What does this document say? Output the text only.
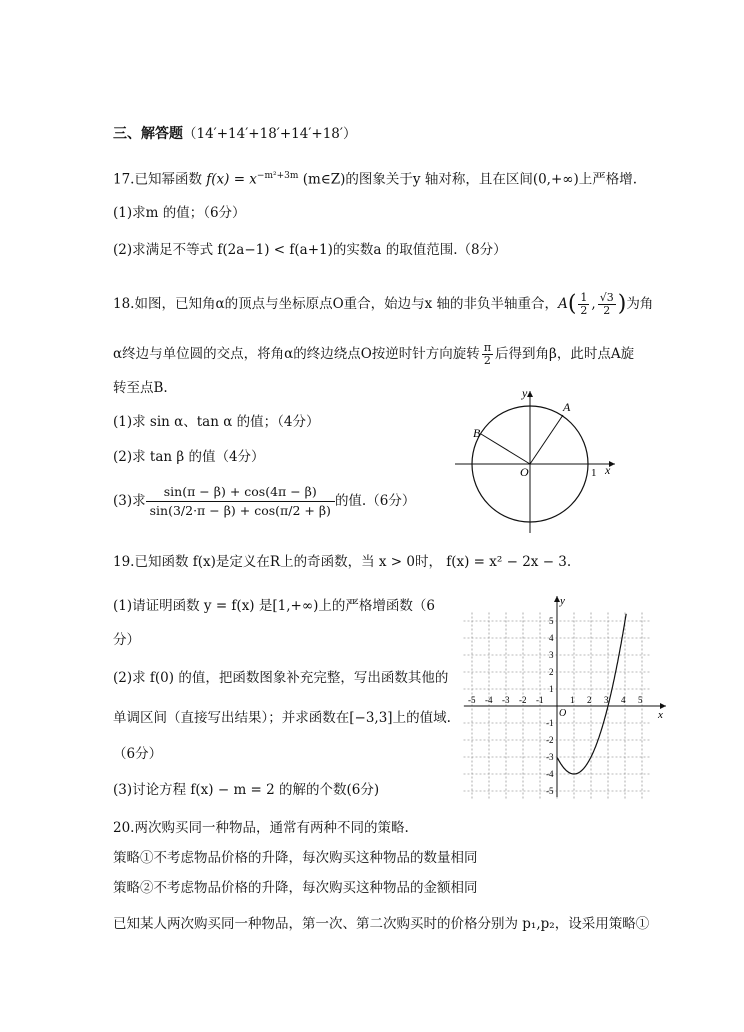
三、解答题（14′+14′+18′+14′+18′）
17.已知幂函数 $f(x) = x^{-m^2+3m}$ (m∈Z)的图象关于y 轴对称，且在区间(0,+∞)上严格增.
(1)求m 的值；（6分）
(2)求满足不等式 f(2a−1) < f(a+1)的实数a 的取值范围.（8分）
18.如图，已知角α的顶点与坐标原点O重合，始边与x 轴的非负半轴重合，$A( \frac{1}{2}$ , $\frac{√3}{2}$ )为角
α终边与单位圆的交点，将角α的终边绕点O按逆时针方向旋转 $\frac{\pi}{2}$ 后得到角β，此时点A旋
转至点B.
(1)求 sin α、tan α 的值；（4分）
(2)求 tan β 的值（4分）
(3)求 $\frac{\sin(\pi - \beta) + \cos(4\pi - \beta)}{\sin(3/2\cdot\pi - \beta) + \cos(\pi/2 + \beta)}$ 的值.（6分）
y
x
A
B
O	1
19.已知函数 f(x)是定义在R上的奇函数，当 x > 0时， f(x) = x² − 2x − 3.
(1)请证明函数 y = f(x) 是[1,+∞)上的严格增函数（6
分）
(2)求 f(0) 的值，把函数图象补充完整，写出函数其他的
单调区间（直接写出结果）；并求函数在[−3,3]上的值域.
（6分）
(3)讨论方程 f(x) − m = 2 的解的个数(6分)
y
x
O
-5 -4 -3 -2 -1	1 2 3 4 5
5
4
3
2
1
-1
-2
-3
-4
-5
20.两次购买同一种物品，通常有两种不同的策略.
策略①不考虑物品价格的升降，每次购买这种物品的数量相同
策略②不考虑物品价格的升降，每次购买这种物品的金额相同
已知某人两次购买同一种物品，第一次、第二次购买时的价格分别为 p₁,p₂，设采用策略①
